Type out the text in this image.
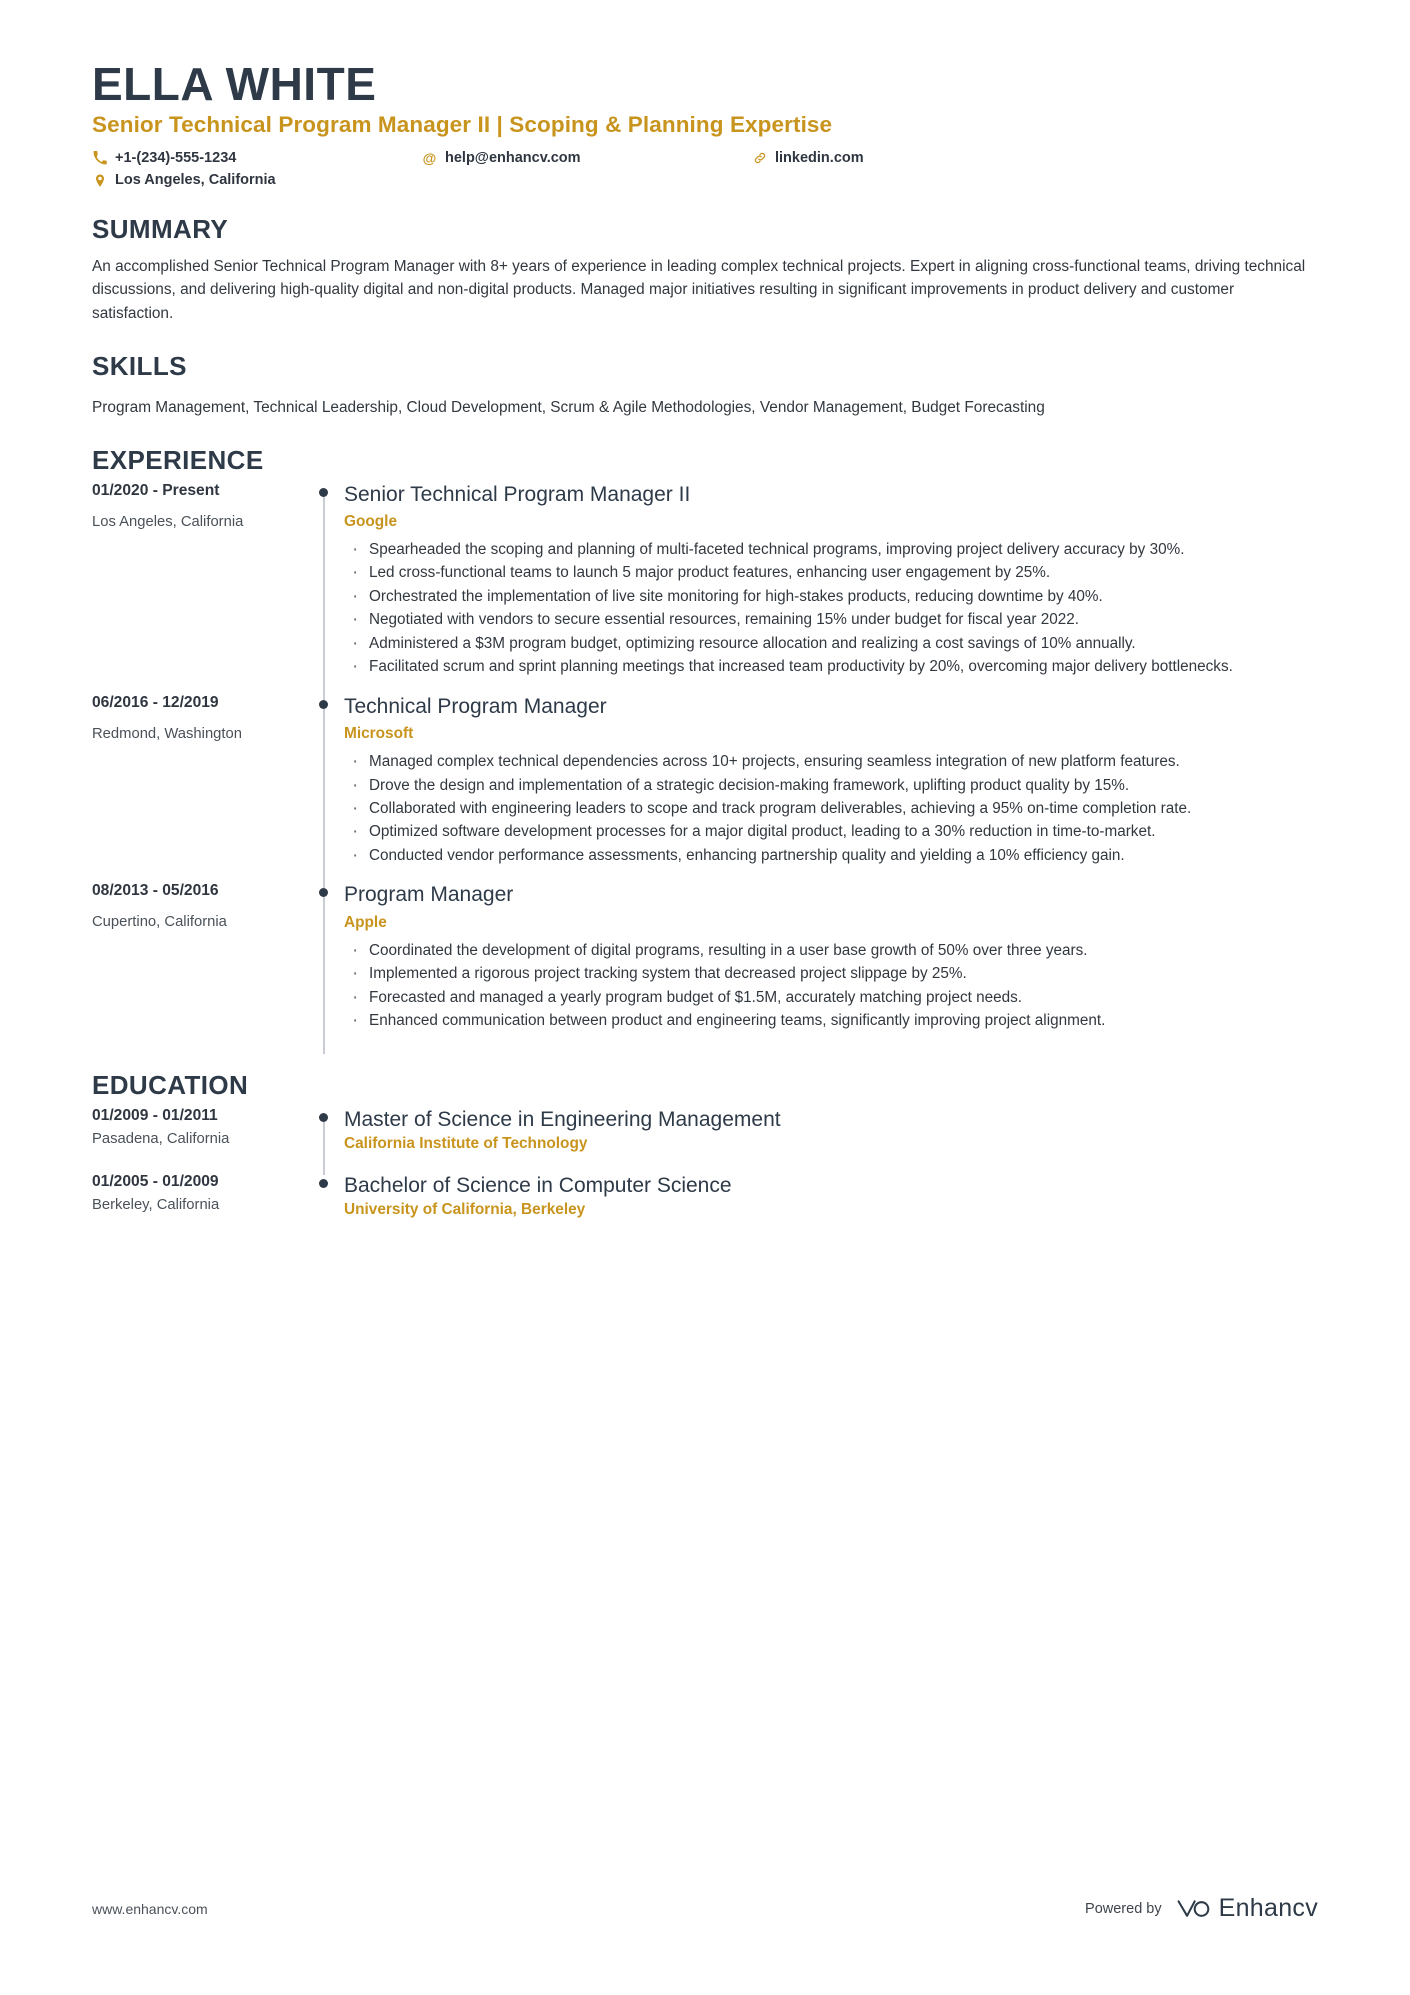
ELLA WHITE
Senior Technical Program Manager II | Scoping & Planning Expertise
+1-(234)-555-1234	@ help@enhancv.com	linkedin.com
Los Angeles, California
SUMMARY
An accomplished Senior Technical Program Manager with 8+ years of experience in leading complex technical projects. Expert in aligning cross-functional teams, driving technical discussions, and delivering high-quality digital and non-digital products. Managed major initiatives resulting in significant improvements in product delivery and customer satisfaction.
SKILLS
Program Management, Technical Leadership, Cloud Development, Scrum & Agile Methodologies, Vendor Management, Budget Forecasting
EXPERIENCE
01/2020 - Present
Los Angeles, California
Senior Technical Program Manager II
Google
· Spearheaded the scoping and planning of multi-faceted technical programs, improving project delivery accuracy by 30%.
· Led cross-functional teams to launch 5 major product features, enhancing user engagement by 25%.
· Orchestrated the implementation of live site monitoring for high-stakes products, reducing downtime by 40%.
· Negotiated with vendors to secure essential resources, remaining 15% under budget for fiscal year 2022.
· Administered a $3M program budget, optimizing resource allocation and realizing a cost savings of 10% annually.
· Facilitated scrum and sprint planning meetings that increased team productivity by 20%, overcoming major delivery bottlenecks.
06/2016 - 12/2019
Redmond, Washington
Technical Program Manager
Microsoft
· Managed complex technical dependencies across 10+ projects, ensuring seamless integration of new platform features.
· Drove the design and implementation of a strategic decision-making framework, uplifting product quality by 15%.
· Collaborated with engineering leaders to scope and track program deliverables, achieving a 95% on-time completion rate.
· Optimized software development processes for a major digital product, leading to a 30% reduction in time-to-market.
· Conducted vendor performance assessments, enhancing partnership quality and yielding a 10% efficiency gain.
08/2013 - 05/2016
Cupertino, California
Program Manager
Apple
· Coordinated the development of digital programs, resulting in a user base growth of 50% over three years.
· Implemented a rigorous project tracking system that decreased project slippage by 25%.
· Forecasted and managed a yearly program budget of $1.5M, accurately matching project needs.
· Enhanced communication between product and engineering teams, significantly improving project alignment.
EDUCATION
01/2009 - 01/2011
Pasadena, California
Master of Science in Engineering Management
California Institute of Technology
01/2005 - 01/2009
Berkeley, California
Bachelor of Science in Computer Science
University of California, Berkeley
www.enhancv.com	Powered by Enhancv
